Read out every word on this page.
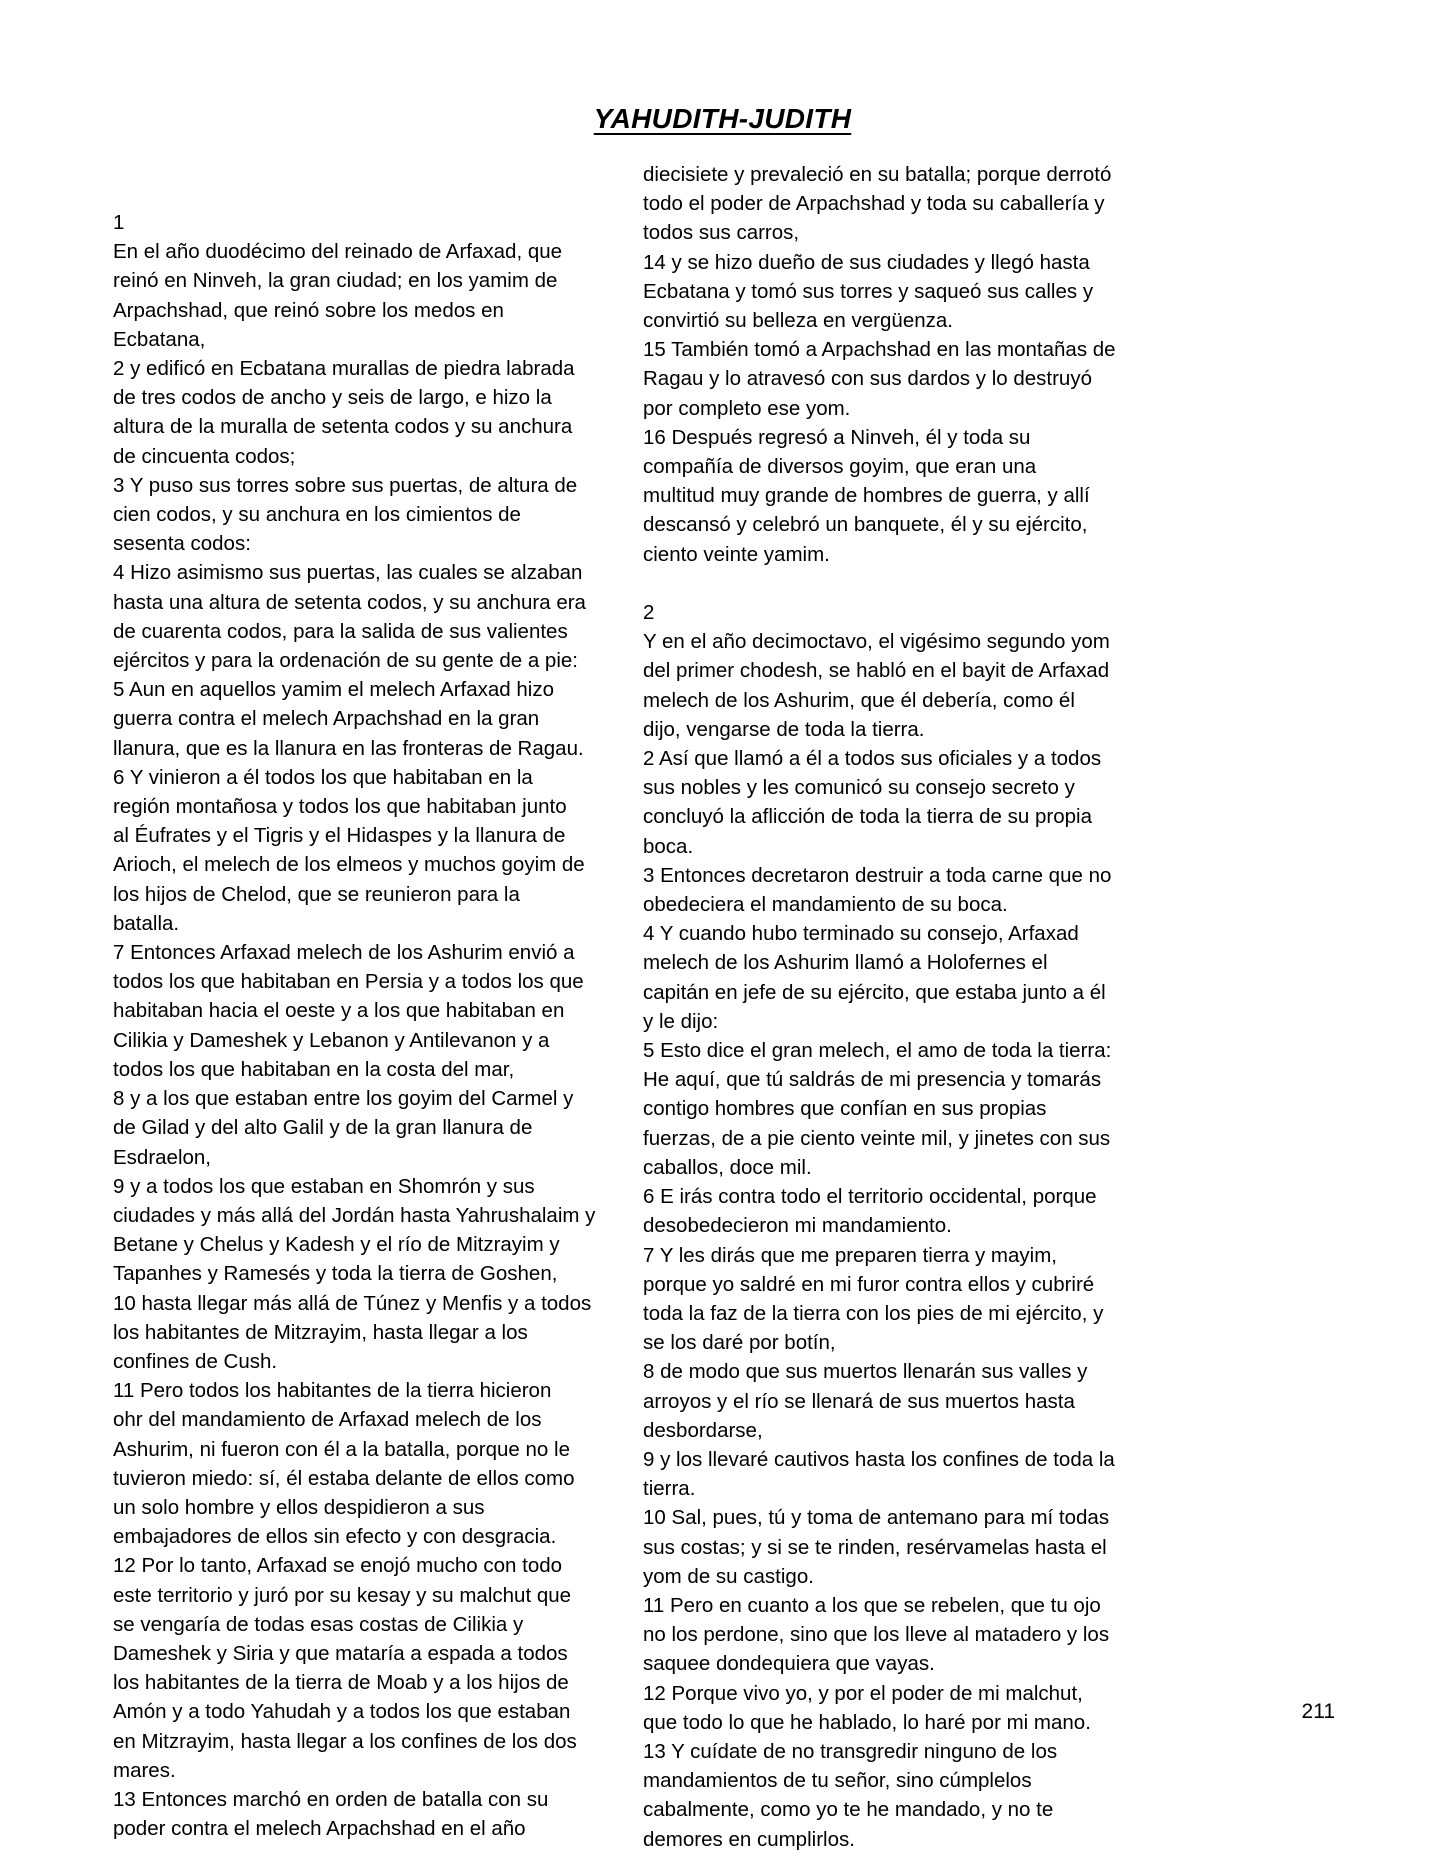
YAHUDITH-JUDITH
1
En el año duodécimo del reinado de Arfaxad, que
reinó en Ninveh, la gran ciudad; en los yamim de
Arpachshad, que reinó sobre los medos en
Ecbatana,
2 y edificó en Ecbatana murallas de piedra labrada
de tres codos de ancho y seis de largo, e hizo la
altura de la muralla de setenta codos y su anchura
de cincuenta codos;
3 Y puso sus torres sobre sus puertas, de altura de
cien codos, y su anchura en los cimientos de
sesenta codos:
4 Hizo asimismo sus puertas, las cuales se alzaban
hasta una altura de setenta codos, y su anchura era
de cuarenta codos, para la salida de sus valientes
ejércitos y para la ordenación de su gente de a pie:
5 Aun en aquellos yamim el melech Arfaxad hizo
guerra contra el melech Arpachshad en la gran
llanura, que es la llanura en las fronteras de Ragau.
6 Y vinieron a él todos los que habitaban en la
región montañosa y todos los que habitaban junto
al Éufrates y el Tigris y el Hidaspes y la llanura de
Arioch, el melech de los elmeos y muchos goyim de
los hijos de Chelod, que se reunieron para la
batalla.
7 Entonces Arfaxad melech de los Ashurim envió a
todos los que habitaban en Persia y a todos los que
habitaban hacia el oeste y a los que habitaban en
Cilikia y Dameshek y Lebanon y Antilevanon y a
todos los que habitaban en la costa del mar,
8 y a los que estaban entre los goyim del Carmel y
de Gilad y del alto Galil y de la gran llanura de
Esdraelon,
9 y a todos los que estaban en Shomrón y sus
ciudades y más allá del Jordán hasta Yahrushalaim y
Betane y Chelus y Kadesh y el río de Mitzrayim y
Tapanhes y Ramesés y toda la tierra de Goshen,
10 hasta llegar más allá de Túnez y Menfis y a todos
los habitantes de Mitzrayim, hasta llegar a los
confines de Cush.
11 Pero todos los habitantes de la tierra hicieron
ohr del mandamiento de Arfaxad melech de los
Ashurim, ni fueron con él a la batalla, porque no le
tuvieron miedo: sí, él estaba delante de ellos como
un solo hombre y ellos despidieron a sus
embajadores de ellos sin efecto y con desgracia.
12 Por lo tanto, Arfaxad se enojó mucho con todo
este territorio y juró por su kesay y su malchut que
se vengaría de todas esas costas de Cilikia y
Dameshek y Siria y que mataría a espada a todos
los habitantes de la tierra de Moab y a los hijos de
Amón y a todo Yahudah y a todos los que estaban
en Mitzrayim, hasta llegar a los confines de los dos
mares.
13 Entonces marchó en orden de batalla con su
poder contra el melech Arpachshad en el año
diecisiete y prevaleció en su batalla; porque derrotó
todo el poder de Arpachshad y toda su caballería y
todos sus carros,
14 y se hizo dueño de sus ciudades y llegó hasta
Ecbatana y tomó sus torres y saqueó sus calles y
convirtió su belleza en vergüenza.
15 También tomó a Arpachshad en las montañas de
Ragau y lo atravesó con sus dardos y lo destruyó
por completo ese yom.
16 Después regresó a Ninveh, él y toda su
compañía de diversos goyim, que eran una
multitud muy grande de hombres de guerra, y allí
descansó y celebró un banquete, él y su ejército,
ciento veinte yamim.
2
Y en el año decimoctavo, el vigésimo segundo yom
del primer chodesh, se habló en el bayit de Arfaxad
melech de los Ashurim, que él debería, como él
dijo, vengarse de toda la tierra.
2 Así que llamó a él a todos sus oficiales y a todos
sus nobles y les comunicó su consejo secreto y
concluyó la aflicción de toda la tierra de su propia
boca.
3 Entonces decretaron destruir a toda carne que no
obedeciera el mandamiento de su boca.
4 Y cuando hubo terminado su consejo, Arfaxad
melech de los Ashurim llamó a Holofernes el
capitán en jefe de su ejército, que estaba junto a él
y le dijo:
5 Esto dice el gran melech, el amo de toda la tierra:
He aquí, que tú saldrás de mi presencia y tomarás
contigo hombres que confían en sus propias
fuerzas, de a pie ciento veinte mil, y jinetes con sus
caballos, doce mil.
6 E irás contra todo el territorio occidental, porque
desobedecieron mi mandamiento.
7 Y les dirás que me preparen tierra y mayim,
porque yo saldré en mi furor contra ellos y cubriré
toda la faz de la tierra con los pies de mi ejército, y
se los daré por botín,
8 de modo que sus muertos llenarán sus valles y
arroyos y el río se llenará de sus muertos hasta
desbordarse,
9 y los llevaré cautivos hasta los confines de toda la
tierra.
10 Sal, pues, tú y toma de antemano para mí todas
sus costas; y si se te rinden, resérvamelas hasta el
yom de su castigo.
11 Pero en cuanto a los que se rebelen, que tu ojo
no los perdone, sino que los lleve al matadero y los
saquee dondequiera que vayas.
12 Porque vivo yo, y por el poder de mi malchut,
que todo lo que he hablado, lo haré por mi mano.
13 Y cuídate de no transgredir ninguno de los
mandamientos de tu señor, sino cúmplelos
cabalmente, como yo te he mandado, y no te
demores en cumplirlos.
211
